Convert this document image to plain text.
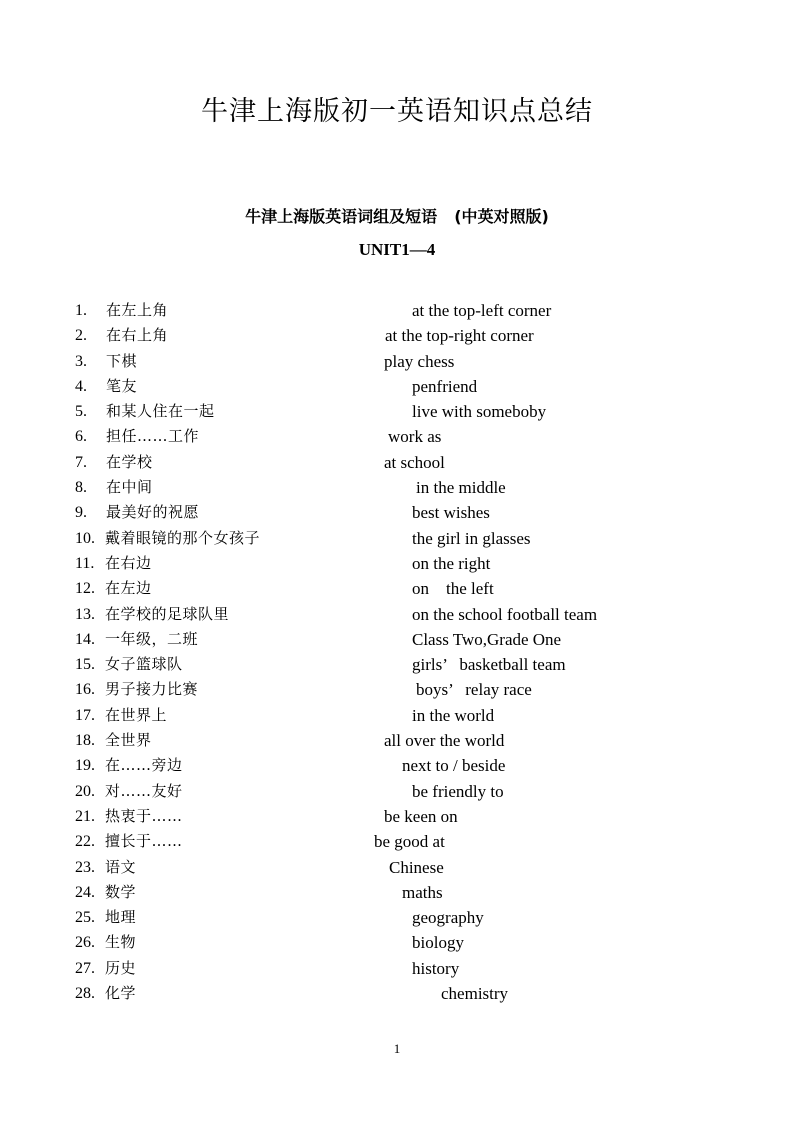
牛津上海版初一英语知识点总结
牛津上海版英语词组及短语 (中英对照版)
UNIT1—4
1. 在左上角	at the top-left corner
2. 在右上角	at the top-right corner
3. 下棋	play chess
4. 笔友	penfriend
5. 和某人住在一起	live with someboby
6. 担任……工作	work as
7. 在学校	at school
8. 在中间	in the middle
9. 最美好的祝愿	best wishes
10. 戴着眼镜的那个女孩子	the girl in glasses
11. 在右边	on the right
12. 在左边	on    the left
13. 在学校的足球队里	on the school football team
14. 一年级，二班	Class Two,Grade One
15. 女子篮球队	girls’   basketball team
16. 男子接力比赛	boys’   relay race
17. 在世界上	in the world
18. 全世界	all over the world
19. 在……旁边	next to / beside
20. 对……友好	be friendly to
21. 热衷于……	be keen on
22. 擅长于……	be good at
23. 语文	Chinese
24. 数学	maths
25. 地理	geography
26. 生物	biology
27. 历史	history
28. 化学	chemistry
1
